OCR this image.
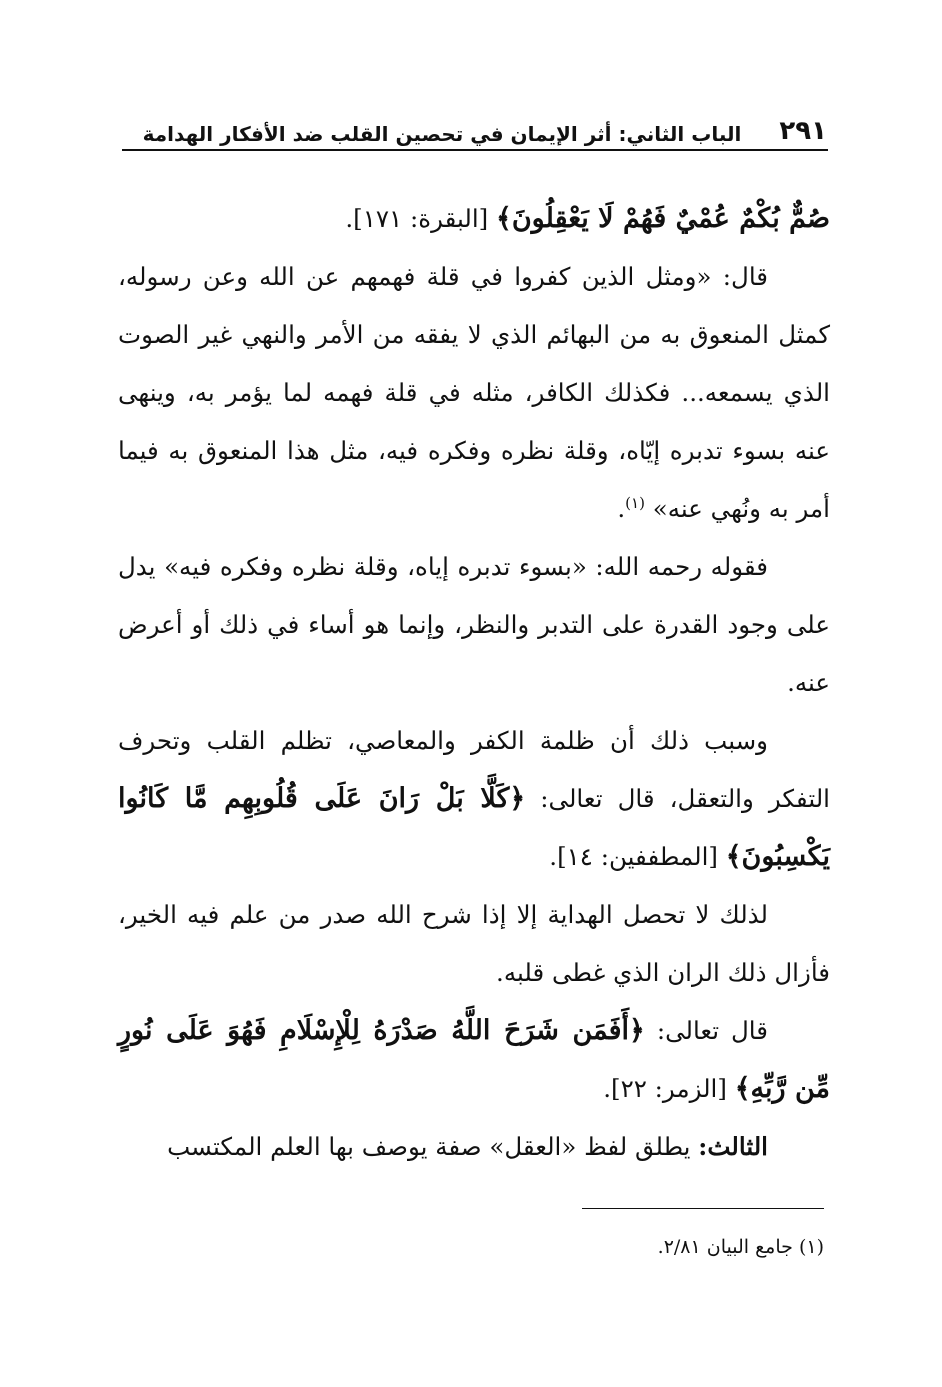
٢٩١
الباب الثاني: أثر الإيمان في تحصين القلب ضد الأفكار الهدامة

صُمٌّ بُكْمٌ عُمْيٌ فَهُمْ لَا يَعْقِلُونَ﴾ [البقرة: ١٧١].

قال: «ومثل الذين كفروا في قلة فهمهم عن الله وعن رسوله، كمثل المنعوق به من البهائم الذي لا يفقه من الأمر والنهي غير الصوت الذي يسمعه... فكذلك الكافر، مثله في قلة فهمه لما يؤمر به، وينهى عنه بسوء تدبره إيّاه، وقلة نظره وفكره فيه، مثل هذا المنعوق به فيما أمر به ونُهي عنه» $^{(١)}$.

فقوله رحمه الله: «بسوء تدبره إياه، وقلة نظره وفكره فيه» يدل على وجود القدرة على التدبر والنظر، وإنما هو أساء في ذلك أو أعرض عنه.

وسبب ذلك أن ظلمة الكفر والمعاصي، تظلم القلب وتحرف التفكر والتعقل، قال تعالى: ﴿كَلَّا بَلْ رَانَ عَلَى قُلُوبِهِم مَّا كَانُوا يَكْسِبُونَ﴾ [المطففين: ١٤].

لذلك لا تحصل الهداية إلا إذا شرح الله صدر من علم فيه الخير، فأزال ذلك الران الذي غطى قلبه.

قال تعالى: ﴿أَفَمَن شَرَحَ اللَّهُ صَدْرَهُ لِلْإِسْلَامِ فَهُوَ عَلَى نُورٍ مِّن رَّبِّهِ﴾ [الزمر: ٢٢].

الثالث: يطلق لفظ «العقل» صفة يوصف بها العلم المكتسب

(١) جامع البيان ٢/٨١.
